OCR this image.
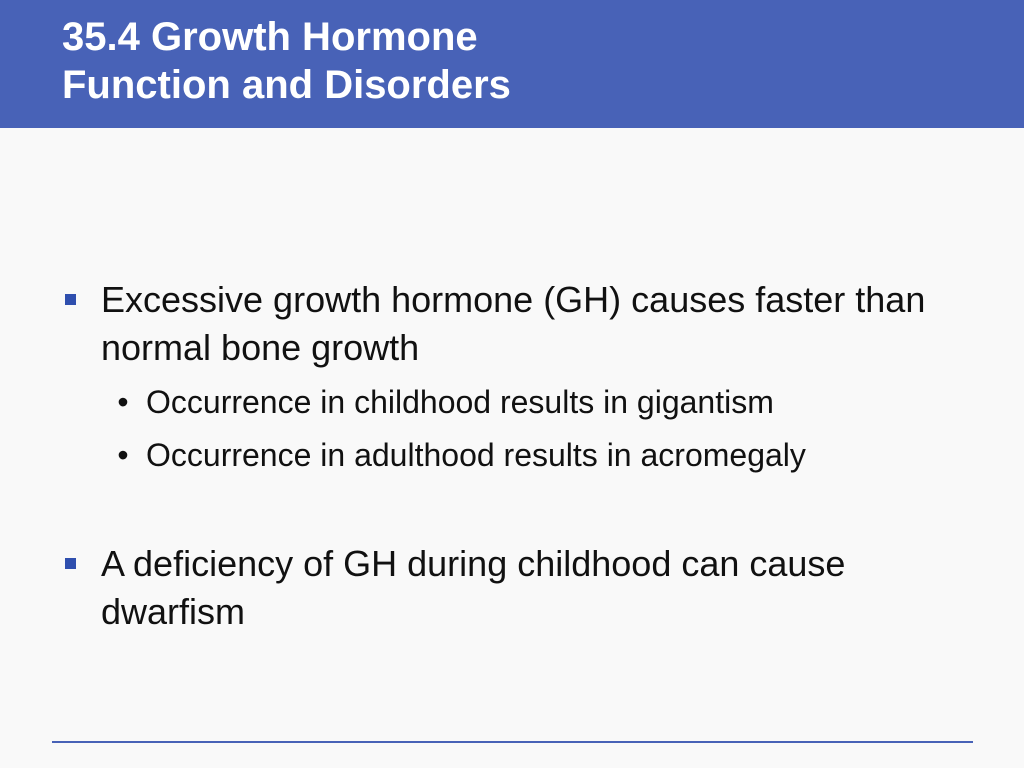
35.4 Growth Hormone
Function and Disorders
Excessive growth hormone (GH) causes faster than normal bone growth
• Occurrence in childhood results in gigantism
• Occurrence in adulthood results in acromegaly
A deficiency of GH during childhood can cause dwarfism
